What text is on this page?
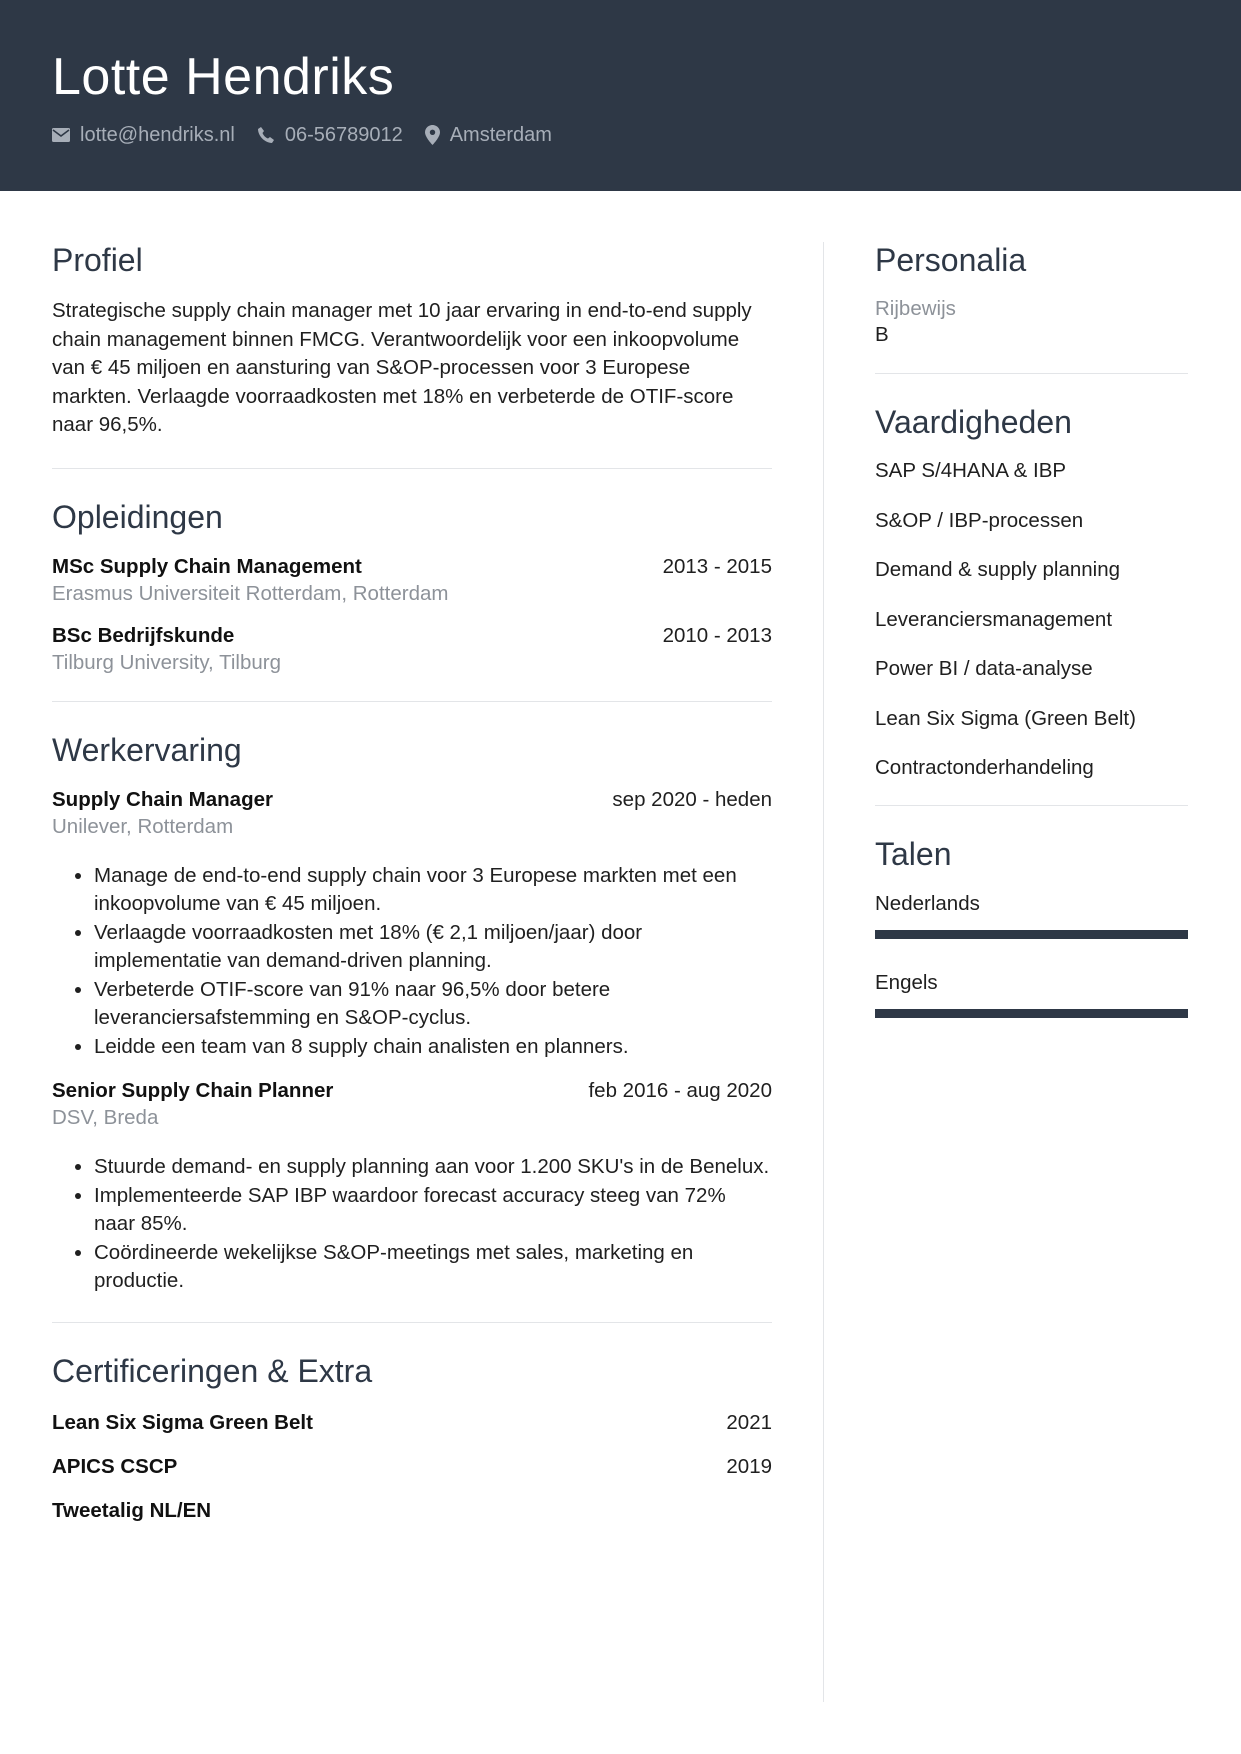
Lotte Hendriks
lotte@hendriks.nl	06-56789012 Amsterdam
Profiel
Strategische supply chain manager met 10 jaar ervaring in end-to-end supply chain management binnen FMCG. Verantwoordelijk voor een inkoopvolume van € 45 miljoen en aansturing van S&OP-processen voor 3 Europese markten. Verlaagde voorraadkosten met 18% en verbeterde de OTIF-score naar 96,5%.
Opleidingen
MSc Supply Chain Management	2013 - 2015
Erasmus Universiteit Rotterdam, Rotterdam
BSc Bedrijfskunde	2010 - 2013
Tilburg University, Tilburg
Werkervaring
Supply Chain Manager	sep 2020 - heden
Unilever, Rotterdam
• Manage de end-to-end supply chain voor 3 Europese markten met een inkoopvolume van € 45 miljoen.
• Verlaagde voorraadkosten met 18% (€ 2,1 miljoen/jaar) door implementatie van demand-driven planning.
• Verbeterde OTIF-score van 91% naar 96,5% door betere leveranciersafstemming en S&OP-cyclus.
• Leidde een team van 8 supply chain analisten en planners.
Senior Supply Chain Planner	feb 2016 - aug 2020
DSV, Breda
• Stuurde demand- en supply planning aan voor 1.200 SKU's in de Benelux.
• Implementeerde SAP IBP waardoor forecast accuracy steeg van 72% naar 85%.
• Coördineerde wekelijkse S&OP-meetings met sales, marketing en productie.
Certificeringen & Extra
Lean Six Sigma Green Belt	2021
APICS CSCP	2019
Tweetalig NL/EN
Personalia
Rijbewijs
B
Vaardigheden
SAP S/4HANA & IBP
S&OP / IBP-processen
Demand & supply planning
Leveranciersmanagement
Power BI / data-analyse
Lean Six Sigma (Green Belt)
Contractonderhandeling
Talen
Nederlands
Engels
